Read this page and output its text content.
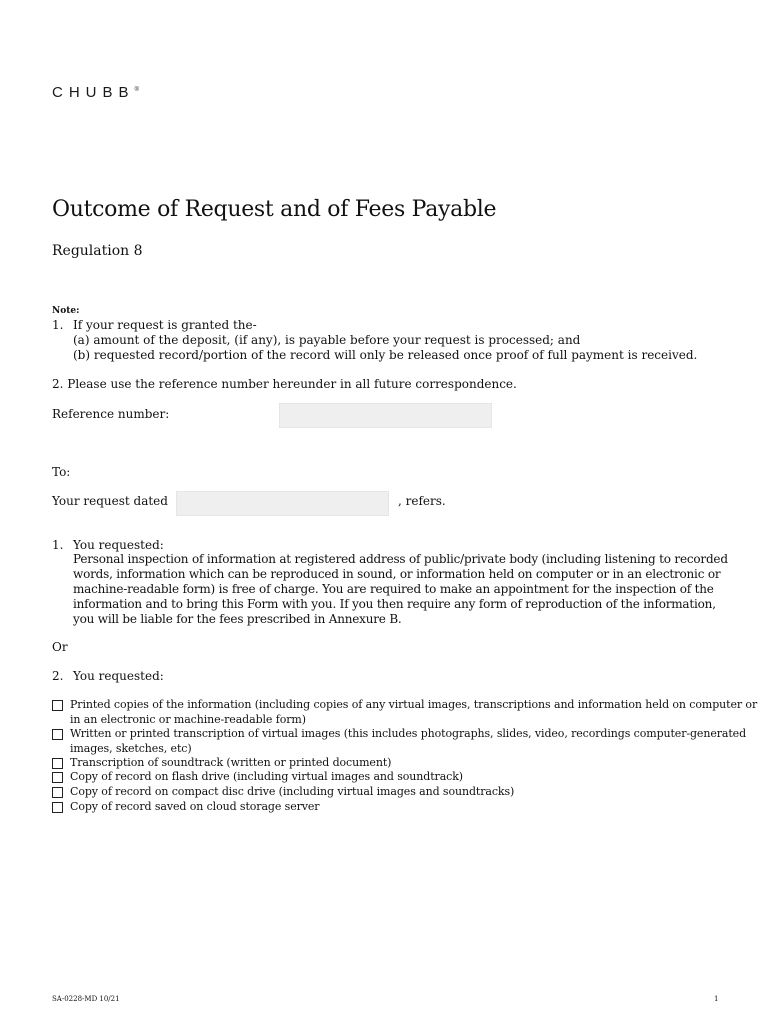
CHUBB®
Outcome of Request and of Fees Payable
Regulation 8
Note:
1. If your request is granted the-
(a) amount of the deposit, (if any), is payable before your request is processed; and
(b) requested record/portion of the record will only be released once proof of full payment is received.
2. Please use the reference number hereunder in all future correspondence.
Reference number:
To:
Your request dated	, refers.
1. You requested:
Personal inspection of information at registered address of public/private body (including listening to recorded
words, information which can be reproduced in sound, or information held on computer or in an electronic or
machine-readable form) is free of charge. You are required to make an appointment for the inspection of the
information and to bring this Form with you. If you then require any form of reproduction of the information,
you will be liable for the fees prescribed in Annexure B.
Or
2. You requested:
Printed copies of the information (including copies of any virtual images, transcriptions and information held on computer or
in an electronic or machine-readable form)
Written or printed transcription of virtual images (this includes photographs, slides, video, recordings computer-generated
images, sketches, etc)
Transcription of soundtrack (written or printed document)
Copy of record on flash drive (including virtual images and soundtrack)
Copy of record on compact disc drive (including virtual images and soundtracks)
Copy of record saved on cloud storage server
SA-0228-MD 10/21	1
